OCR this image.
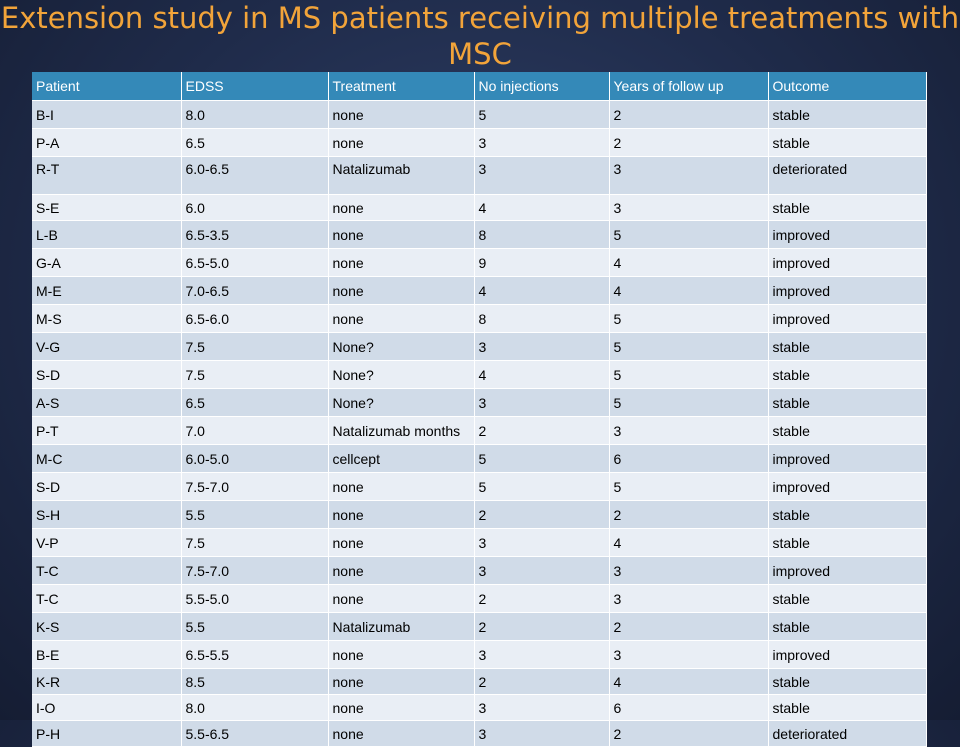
Extension study in MS patients receiving multiple treatments with MSC
Patient	EDSS	Treatment	No injections	Years of follow up	Outcome
B-I	8.0	none	5	2	stable
P-A	6.5	none	3	2	stable
R-T	6.0-6.5	Natalizumab	3	3	deteriorated
S-E	6.0	none	4	3	stable
L-B	6.5-3.5	none	8	5	improved
G-A	6.5-5.0	none	9	4	improved
M-E	7.0-6.5	none	4	4	improved
M-S	6.5-6.0	none	8	5	improved
V-G	7.5	None?	3	5	stable
S-D	7.5	None?	4	5	stable
A-S	6.5	None?	3	5	stable
P-T	7.0	Natalizumab months	2	3	stable
M-C	6.0-5.0	cellcept	5	6	improved
S-D	7.5-7.0	none	5	5	improved
S-H	5.5	none	2	2	stable
V-P	7.5	none	3	4	stable
T-C	7.5-7.0	none	3	3	improved
T-C	5.5-5.0	none	2	3	stable
K-S	5.5	Natalizumab	2	2	stable
B-E	6.5-5.5	none	3	3	improved
K-R	8.5	none	2	4	stable
I-O	8.0	none	3	6	stable
P-H	5.5-6.5	none	3	2	deteriorated
